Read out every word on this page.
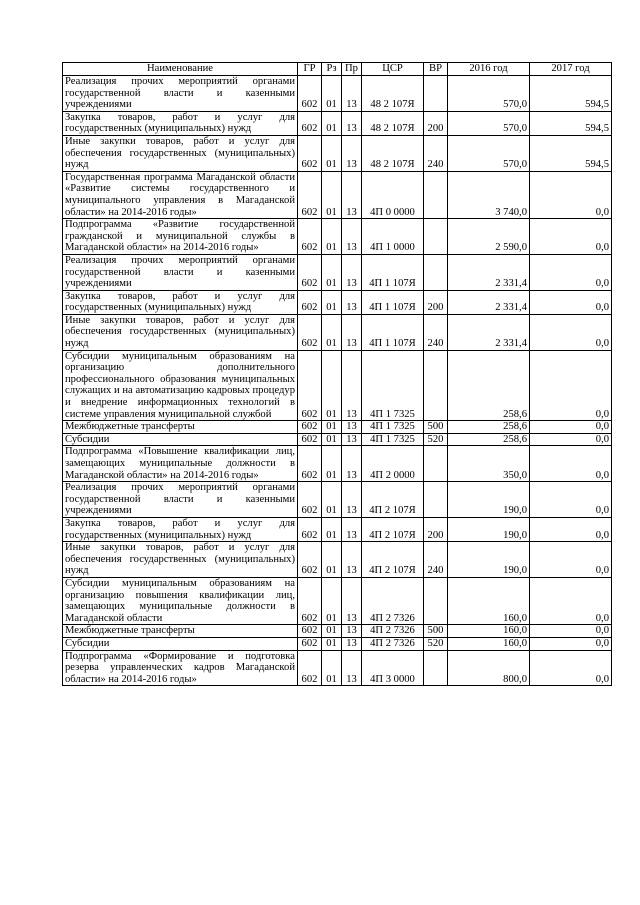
Наименование	ГР	Рз	Пр	ЦСР	ВР	2016 год	2017 год
Реализация прочих мероприятий органами государственной власти и казенными учреждениями	602	01	13	48 2 107Я		570,0	594,5
Закупка товаров, работ и услуг для государственных (муниципальных) нужд	602	01	13	48 2 107Я	200	570,0	594,5
Иные закупки товаров, работ и услуг для обеспечения государственных (муниципальных) нужд	602	01	13	48 2 107Я	240	570,0	594,5
Государственная программа Магаданской области «Развитие системы государственного и муниципального управления в Магаданской области» на 2014-2016 годы»	602	01	13	4П 0 0000		3 740,0	0,0
Подпрограмма «Развитие государственной гражданской и муниципальной службы в Магаданской области» на 2014-2016 годы»	602	01	13	4П 1 0000		2 590,0	0,0
Реализация прочих мероприятий органами государственной власти и казенными учреждениями	602	01	13	4П 1 107Я		2 331,4	0,0
Закупка товаров, работ и услуг для государственных (муниципальных) нужд	602	01	13	4П 1 107Я	200	2 331,4	0,0
Иные закупки товаров, работ и услуг для обеспечения государственных (муниципальных) нужд	602	01	13	4П 1 107Я	240	2 331,4	0,0
Субсидии муниципальным образованиям на организацию дополнительного профессионального образования муниципальных служащих и на автоматизацию кадровых процедур и внедрение информационных технологий в системе управления муниципальной службой	602	01	13	4П 1 7325		258,6	0,0
Межбюджетные трансферты	602	01	13	4П 1 7325	500	258,6	0,0
Субсидии	602	01	13	4П 1 7325	520	258,6	0,0
Подпрограмма «Повышение квалификации лиц, замещающих муниципальные должности в Магаданской области» на 2014-2016 годы»	602	01	13	4П 2 0000		350,0	0,0
Реализация прочих мероприятий органами государственной власти и казенными учреждениями	602	01	13	4П 2 107Я		190,0	0,0
Закупка товаров, работ и услуг для государственных (муниципальных) нужд	602	01	13	4П 2 107Я	200	190,0	0,0
Иные закупки товаров, работ и услуг для обеспечения государственных (муниципальных) нужд	602	01	13	4П 2 107Я	240	190,0	0,0
Субсидии муниципальным образованиям на организацию повышения квалификации лиц, замещающих муниципальные должности в Магаданской области	602	01	13	4П 2 7326		160,0	0,0
Межбюджетные трансферты	602	01	13	4П 2 7326	500	160,0	0,0
Субсидии	602	01	13	4П 2 7326	520	160,0	0,0
Подпрограмма «Формирование и подготовка резерва управленческих кадров Магаданской области» на 2014-2016 годы»	602	01	13	4П 3 0000		800,0	0,0
